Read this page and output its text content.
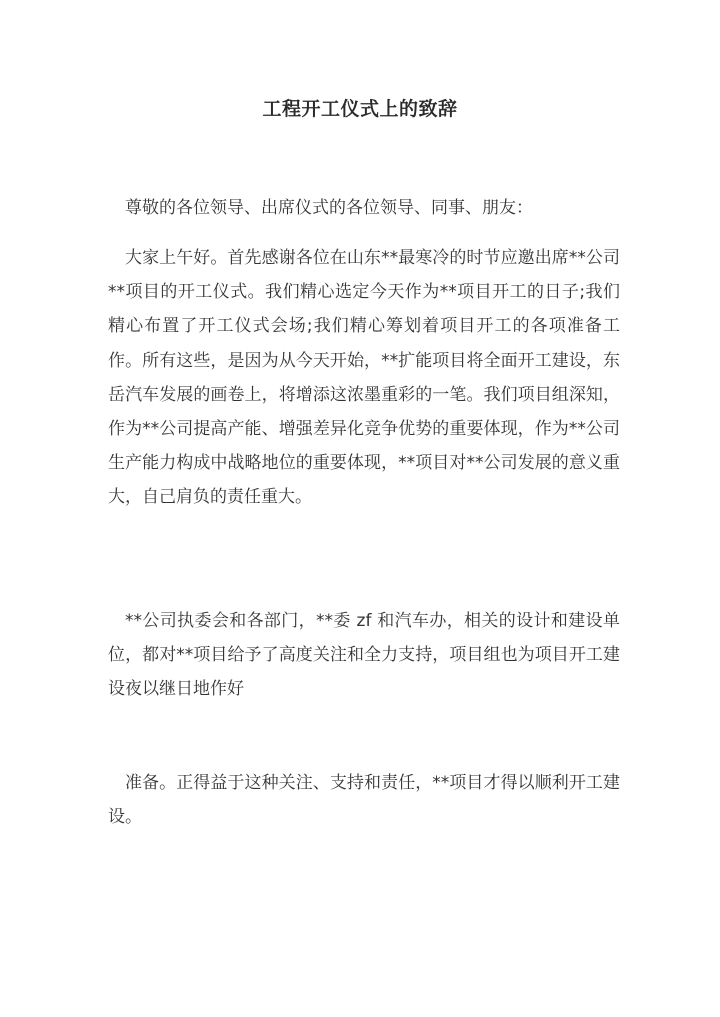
工程开工仪式上的致辞

尊敬的各位领导、出席仪式的各位领导、同事、朋友：

大家上午好。首先感谢各位在山东**最寒冷的时节应邀出席**公司**项目的开工仪式。我们精心选定今天作为**项目开工的日子;我们精心布置了开工仪式会场;我们精心筹划着项目开工的各项准备工作。所有这些，是因为从今天开始，**扩能项目将全面开工建设，东岳汽车发展的画卷上，将增添这浓墨重彩的一笔。我们项目组深知，作为**公司提高产能、增强差异化竞争优势的重要体现，作为**公司生产能力构成中战略地位的重要体现，**项目对**公司发展的意义重大，自己肩负的责任重大。

**公司执委会和各部门，**委 zf 和汽车办，相关的设计和建设单位，都对**项目给予了高度关注和全力支持，项目组也为项目开工建设夜以继日地作好

准备。正得益于这种关注、支持和责任，**项目才得以顺利开工建设。
